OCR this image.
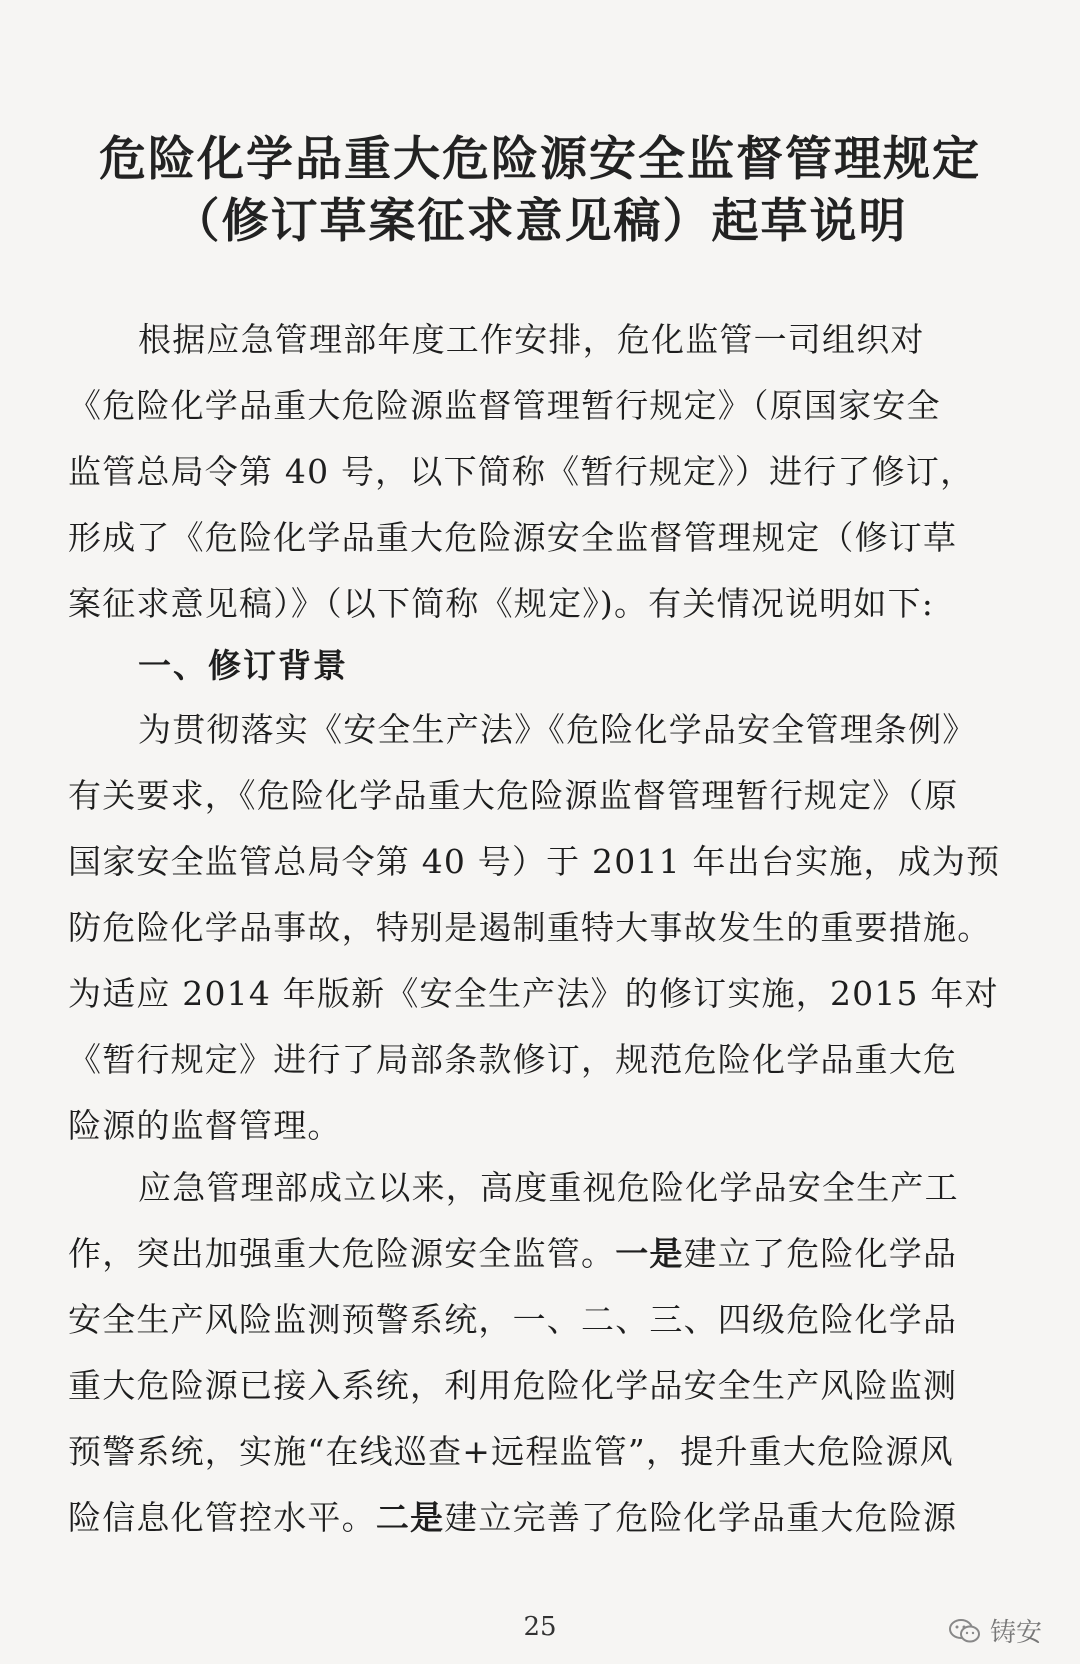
危险化学品重大危险源安全监督管理规定
（修订草案征求意见稿）起草说明
根据应急管理部年度工作安排，危化监管一司组织对
《危险化学品重大危险源监督管理暂行规定》（原国家安全
监管总局令第 40 号，以下简称《暂行规定》）进行了修订，
形成了《危险化学品重大危险源安全监督管理规定（修订草
案征求意见稿）》（以下简称《规定》)。有关情况说明如下:
一、修订背景
为贯彻落实《安全生产法》《危险化学品安全管理条例》
有关要求，《危险化学品重大危险源监督管理暂行规定》（原
国家安全监管总局令第 40 号）于 2011 年出台实施，成为预
防危险化学品事故，特别是遏制重特大事故发生的重要措施。
为适应 2014 年版新《安全生产法》的修订实施，2015 年对
《暂行规定》进行了局部条款修订，规范危险化学品重大危
险源的监督管理。
应急管理部成立以来，高度重视危险化学品安全生产工
作，突出加强重大危险源安全监管。一是建立了危险化学品
安全生产风险监测预警系统，一、二、三、四级危险化学品
重大危险源已接入系统，利用危险化学品安全生产风险监测
预警系统，实施“在线巡查+远程监管”，提升重大危险源风
险信息化管控水平。二是建立完善了危险化学品重大危险源
25	铸安
